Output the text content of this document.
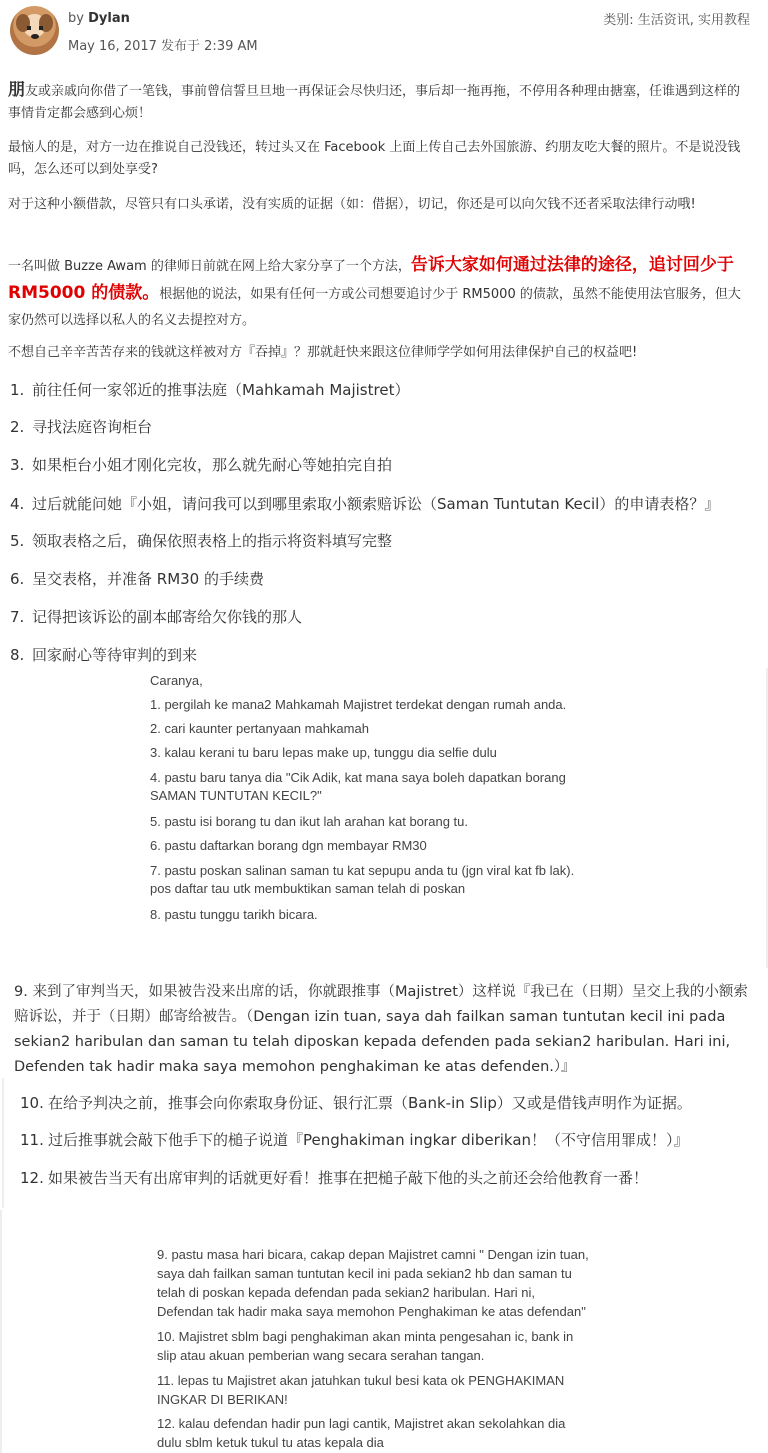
by Dylan
May 16, 2017 发布于 2:39 AM
类别: 生活资讯, 实用教程

朋友或亲戚向你借了一笔钱，事前曾信誓旦旦地一再保证会尽快归还，事后却一拖再拖，不停用各种理由搪塞，任谁遇到这样的事情肯定都会感到心烦！

最恼人的是，对方一边在推说自己没钱还，转过头又在 Facebook 上面上传自己去外国旅游、约朋友吃大餐的照片。不是说没钱吗，怎么还可以到处享受?

对于这种小额借款，尽管只有口头承诺，没有实质的证据（如：借据），切记，你还是可以向欠钱不还者采取法律行动哦!

一名叫做 Buzze Awam 的律师日前就在网上给大家分享了一个方法，告诉大家如何通过法律的途径，追讨回少于 RM5000 的债款。根据他的说法，如果有任何一方或公司想要追讨少于 RM5000 的债款，虽然不能使用法官服务，但大家仍然可以选择以私人的名义去提控对方。

不想自己辛辛苦苦存来的钱就这样被对方『吞掉』？那就赶快来跟这位律师学学如何用法律保护自己的权益吧!

1. 前往任何一家邻近的推事法庭（Mahkamah Majistret）
2. 寻找法庭咨询柜台
3. 如果柜台小姐才刚化完妆，那么就先耐心等她拍完自拍
4. 过后就能问她『小姐，请问我可以到哪里索取小额索赔诉讼（Saman Tuntutan Kecil）的申请表格？』
5. 领取表格之后，确保依照表格上的指示将资料填写完整
6. 呈交表格，并准备 RM30 的手续费
7. 记得把该诉讼的副本邮寄给欠你钱的那人
8. 回家耐心等待审判的到来
Caranya,
1. pergilah ke mana2 Mahkamah Majistret terdekat dengan rumah anda.
2. cari kaunter pertanyaan mahkamah
3. kalau kerani tu baru lepas make up, tunggu dia selfie dulu
4. pastu baru tanya dia "Cik Adik, kat mana saya boleh dapatkan borang
SAMAN TUNTUTAN KECIL?"
5. pastu isi borang tu dan ikut lah arahan kat borang tu.
6. pastu daftarkan borang dgn membayar RM30
7. pastu poskan salinan saman tu kat sepupu anda tu (jgn viral kat fb lak).
pos daftar tau utk membuktikan saman telah di poskan
8. pastu tunggu tarikh bicara.

9. 来到了审判当天，如果被告没来出席的话，你就跟推事（Majistret）这样说『我已在（日期）呈交上我的小额索赔诉讼，并于（日期）邮寄给被告。（Dengan izin tuan, saya dah failkan saman tuntutan kecil ini pada sekian2 haribulan dan saman tu telah diposkan kepada defenden pada sekian2 haribulan. Hari ini, Defenden tak hadir maka saya memohon penghakiman ke atas defenden.）』

10. 在给予判决之前，推事会向你索取身份证、银行汇票（Bank-in Slip）又或是借钱声明作为证据。
11. 过后推事就会敲下他手下的槌子说道『Penghakiman ingkar diberikan！（不守信用罪成！）』
12. 如果被告当天有出席审判的话就更好看！推事在把槌子敲下他的头之前还会给他教育一番！
9. pastu masa hari bicara, cakap depan Majistret camni " Dengan izin tuan,
saya dah failkan saman tuntutan kecil ini pada sekian2 hb dan saman tu
telah di poskan kepada defendan pada sekian2 haribulan. Hari ni,
Defendan tak hadir maka saya memohon Penghakiman ke atas defendan"
10. Majistret sblm bagi penghakiman akan minta pengesahan ic, bank in
slip atau akuan pemberian wang secara serahan tangan.
11. lepas tu Majistret akan jatuhkan tukul besi kata ok PENGHAKIMAN
INGKAR DI BERIKAN!
12. kalau defendan hadir pun lagi cantik, Majistret akan sekolahkan dia
dulu sblm ketuk tukul tu atas kepala dia
